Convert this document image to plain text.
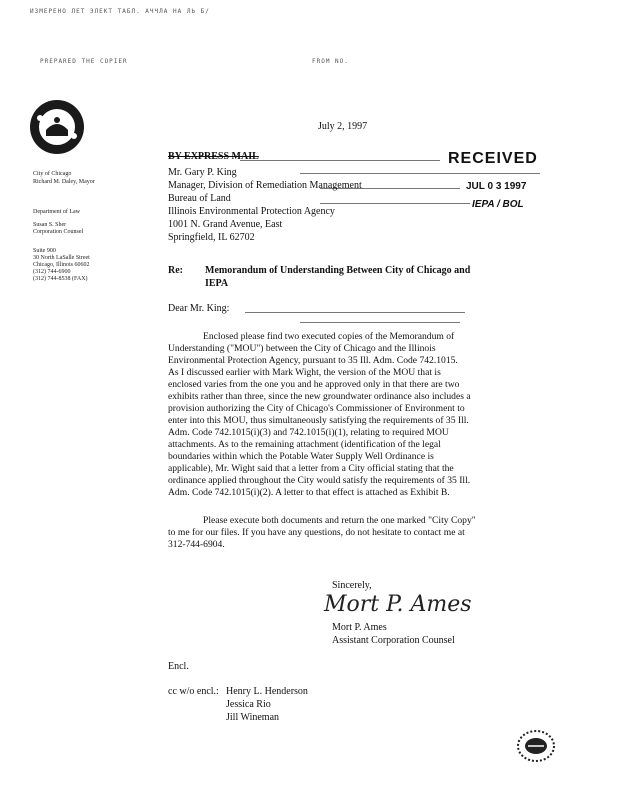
ИЗМЕРЕНО ЛЕТ ЭЛЕКТ ТАБЛ. АЧЧЛА НА ЛЬ Б/
PREPARED THE COPIER	FROM NO.
City of Chicago
Richard M. Daley, Mayor
Department of Law
Susan S. Sher
Corporation Counsel
Suite 900
30 North LaSalle Street
Chicago, Illinois 60602
(312) 744-6900
(312) 744-8538 (FAX)
July 2, 1997
BY EXPRESS MAIL	RECEIVED
JUL 0 3 1997
IEPA / BOL
Mr. Gary P. King
Manager, Division of Remediation Management
Bureau of Land
Illinois Environmental Protection Agency
1001 N. Grand Avenue, East
Springfield, IL 62702
Re: Memorandum of Understanding Between City of Chicago and
IEPA
Dear Mr. King:
Enclosed please find two executed copies of the Memorandum of
Understanding ("MOU") between the City of Chicago and the Illinois
Environmental Protection Agency, pursuant to 35 Ill. Adm. Code 742.1015.
As I discussed earlier with Mark Wight, the version of the MOU that is
enclosed varies from the one you and he approved only in that there are two
exhibits rather than three, since the new groundwater ordinance also includes a
provision authorizing the City of Chicago's Commissioner of Environment to
enter into this MOU, thus simultaneously satisfying the requirements of 35 Ill.
Adm. Code 742.1015(i)(3) and 742.1015(i)(1), relating to required MOU
attachments. As to the remaining attachment (identification of the legal
boundaries within which the Potable Water Supply Well Ordinance is
applicable), Mr. Wight said that a letter from a City official stating that the
ordinance applied throughout the City would satisfy the requirements of 35 Ill.
Adm. Code 742.1015(i)(2). A letter to that effect is attached as Exhibit B.
Please execute both documents and return the one marked "City Copy"
to me for our files. If you have any questions, do not hesitate to contact me at
312-744-6904.
Sincerely,
Mort P. Ames
Mort P. Ames
Assistant Corporation Counsel
Encl.
cc w/o encl.: Henry L. Henderson
Jessica Rio
Jill Wineman
